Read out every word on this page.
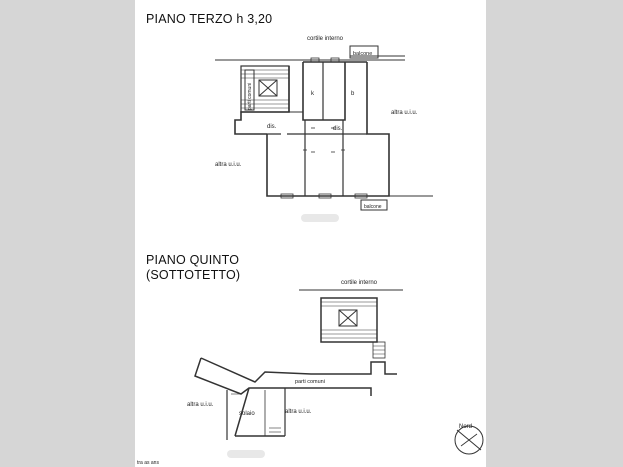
PIANO TERZO h 3,20
PIANO QUINTO
(SOTTOTETTO)
cortile interno
balcone
parti comuni	k	b
altra u.i.u.
dis.	dis.
altra u.i.u.
balcone
cortile interno
parti comuni
altra u.i.u.
solaio	altra u.i.u.
Nord
tra as ans
